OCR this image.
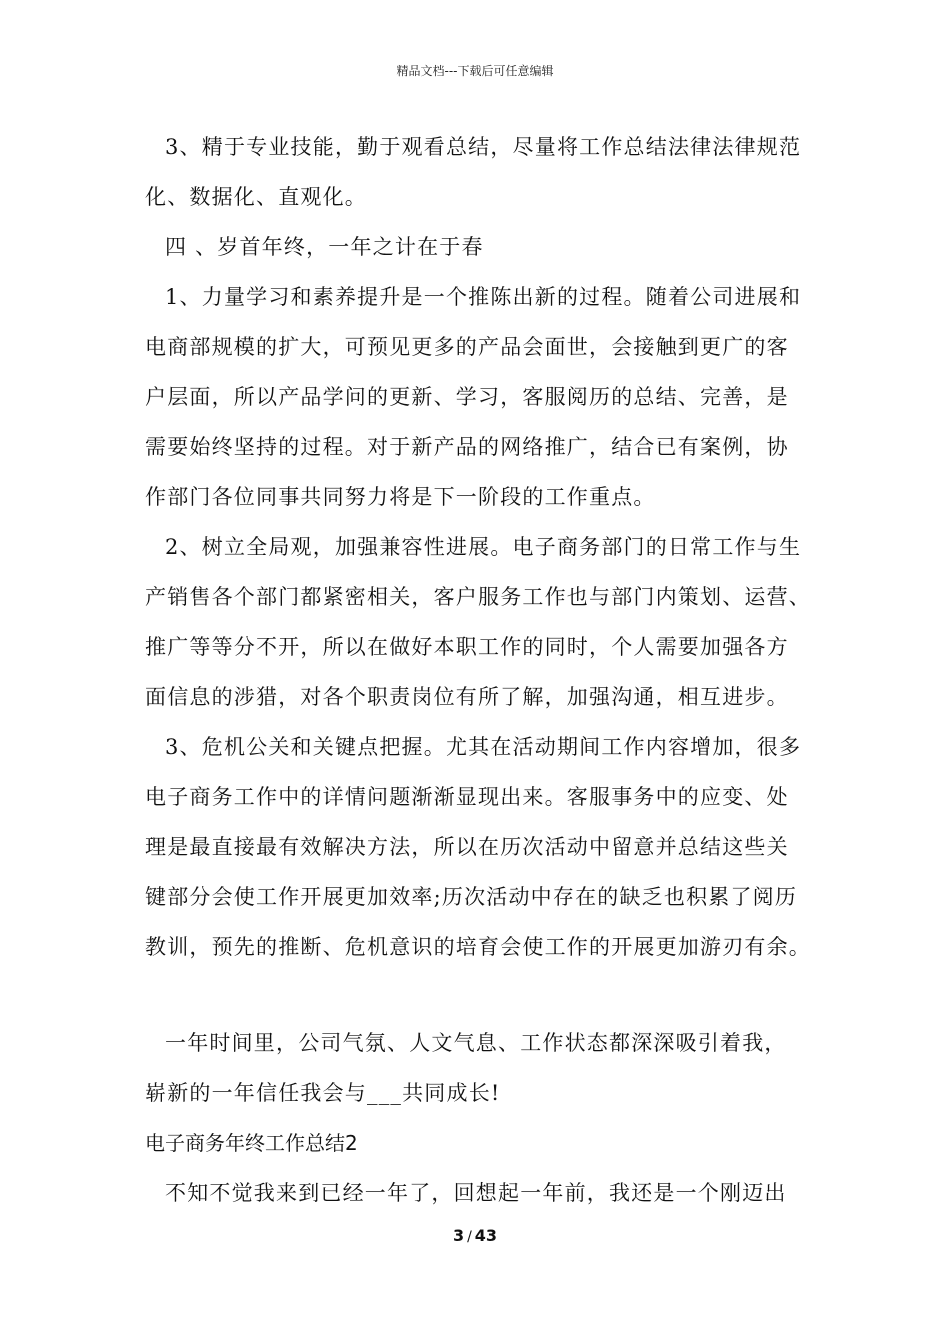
精品文档---下载后可任意编辑
3、精于专业技能，勤于观看总结，尽量将工作总结法律法律规范
化、数据化、直观化。
四 、岁首年终，一年之计在于春
1、力量学习和素养提升是一个推陈出新的过程。随着公司进展和
电商部规模的扩大，可预见更多的产品会面世，会接触到更广的客
户层面，所以产品学问的更新、学习，客服阅历的总结、完善，是
需要始终坚持的过程。对于新产品的网络推广，结合已有案例，协
作部门各位同事共同努力将是下一阶段的工作重点。
2、树立全局观，加强兼容性进展。电子商务部门的日常工作与生
产销售各个部门都紧密相关，客户服务工作也与部门内策划、运营、
推广等等分不开，所以在做好本职工作的同时，个人需要加强各方
面信息的涉猎，对各个职责岗位有所了解，加强沟通，相互进步。
3、危机公关和关键点把握。尤其在活动期间工作内容增加，很多
电子商务工作中的详情问题渐渐显现出来。客服事务中的应变、处
理是最直接最有效解决方法，所以在历次活动中留意并总结这些关
键部分会使工作开展更加效率;历次活动中存在的缺乏也积累了阅历
教训，预先的推断、危机意识的培育会使工作的开展更加游刃有余。
一年时间里，公司气氛、人文气息、工作状态都深深吸引着我，
崭新的一年信任我会与___共同成长!
电子商务年终工作总结2
不知不觉我来到已经一年了，回想起一年前，我还是一个刚迈出
3 / 43
